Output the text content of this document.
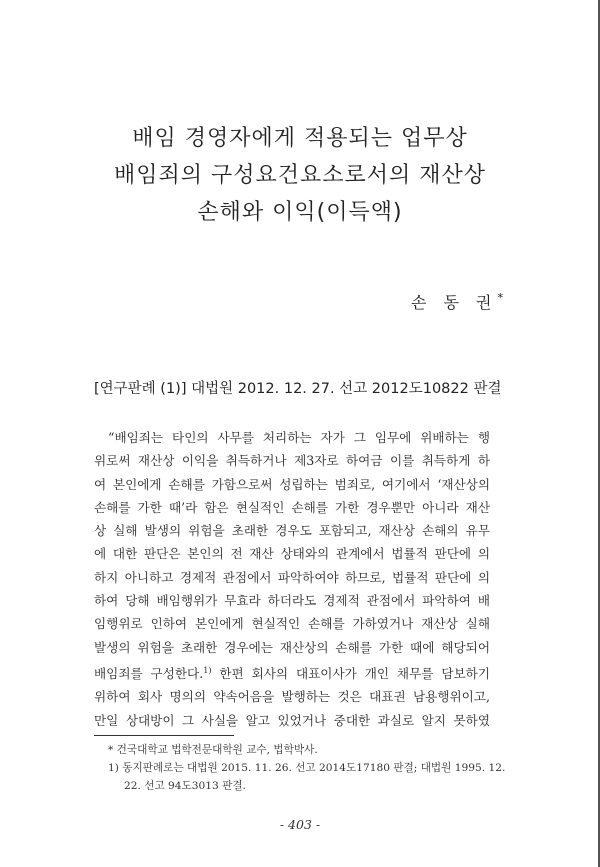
배임 경영자에게 적용되는 업무상
배임죄의 구성요건요소로서의 재산상
손해와 이익(이득액)
손 동 권*
[연구판례 (1)] 대법원 2012. 12. 27. 선고 2012도10822 판결
“배임죄는 타인의 사무를 처리하는 자가 그 임무에 위배하는 행
위로써 재산상 이익을 취득하거나 제3자로 하여금 이를 취득하게 하
여 본인에게 손해를 가함으로써 성립하는 범죄로, 여기에서 ‘재산상의
손해를 가한 때’라 함은 현실적인 손해를 가한 경우뿐만 아니라 재산
상 실해 발생의 위험을 초래한 경우도 포함되고, 재산상 손해의 유무
에 대한 판단은 본인의 전 재산 상태와의 관계에서 법률적 판단에 의
하지 아니하고 경제적 관점에서 파악하여야 하므로, 법률적 판단에 의
하여 당해 배임행위가 무효라 하더라도 경제적 관점에서 파악하여 배
임행위로 인하여 본인에게 현실적인 손해를 가하였거나 재산상 실해
발생의 위험을 초래한 경우에는 재산상의 손해를 가한 때에 해당되어
배임죄를 구성한다.$^{1)}$ 한편 회사의 대표이사가 개인 채무를 담보하기
위하여 회사 명의의 약속어음을 발행하는 것은 대표권 남용행위이고,
만일 상대방이 그 사실을 알고 있었거나 중대한 과실로 알지 못하였
* 건국대학교 법학전문대학원 교수, 법학박사.
1) 동지판례로는 대법원 2015. 11. 26. 선고 2014도17180 판결; 대법원 1995. 12.
22. 선고 94도3013 판결.
- 403 -
